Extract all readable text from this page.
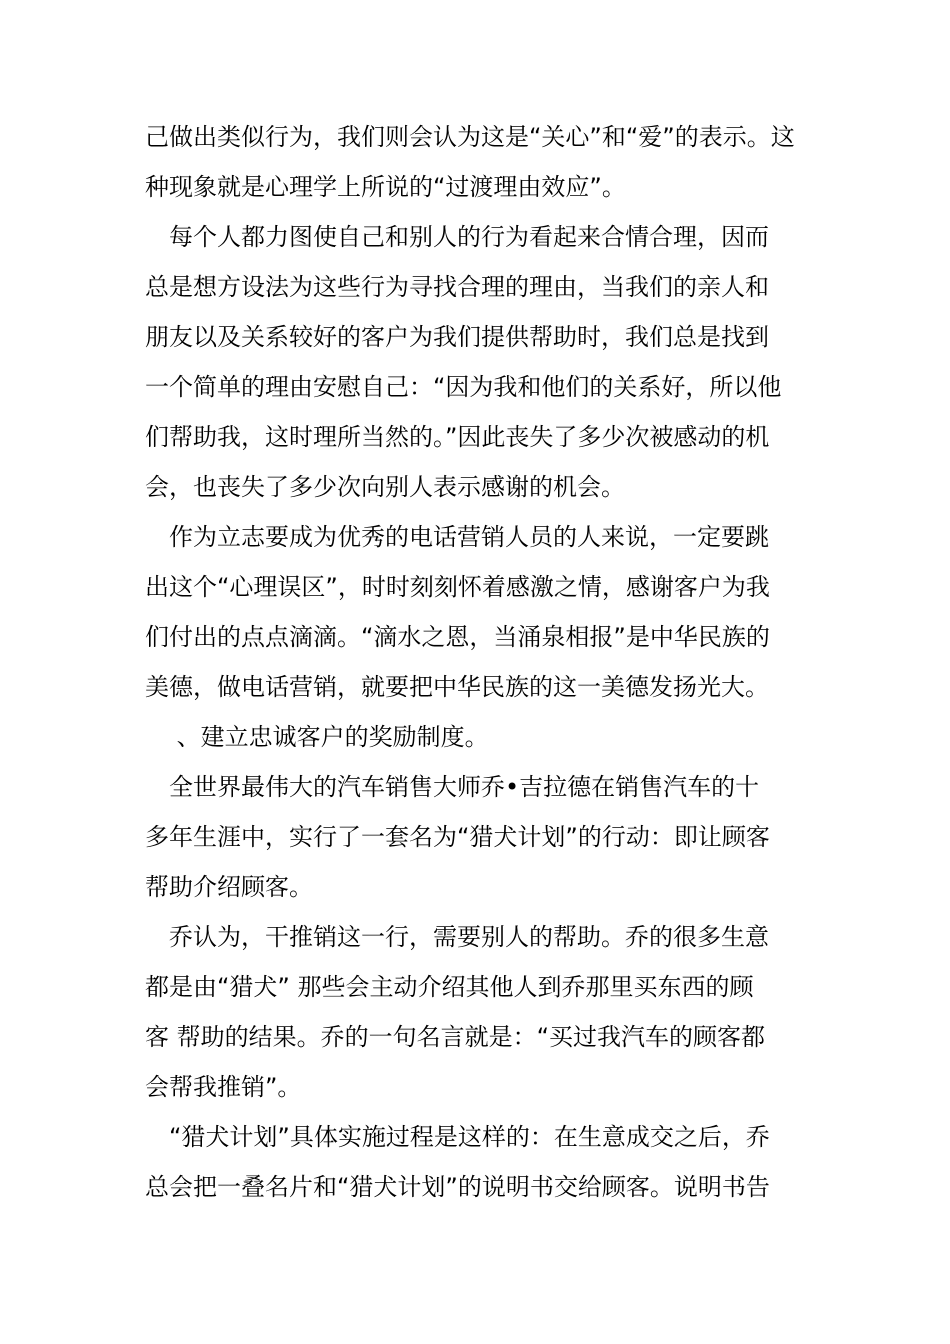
己做出类似行为，我们则会认为这是“关心”和“爱”的表示。这
种现象就是心理学上所说的“过渡理由效应”。
　每个人都力图使自己和别人的行为看起来合情合理，因而
总是想方设法为这些行为寻找合理的理由，当我们的亲人和
朋友以及关系较好的客户为我们提供帮助时，我们总是找到
一个简单的理由安慰自己：“因为我和他们的关系好，所以他
们帮助我，这时理所当然的。”因此丧失了多少次被感动的机
会，也丧失了多少次向别人表示感谢的机会。
　作为立志要成为优秀的电话营销人员的人来说，一定要跳
出这个“心理误区”，时时刻刻怀着感激之情，感谢客户为我
们付出的点点滴滴。“滴水之恩，当涌泉相报”是中华民族的
美德，做电话营销，就要把中华民族的这一美德发扬光大。
　 、建立忠诚客户的奖励制度。
　全世界最伟大的汽车销售大师乔•吉拉德在销售汽车的十
多年生涯中，实行了一套名为“猎犬计划”的行动：即让顾客
帮助介绍顾客。
　乔认为，干推销这一行，需要别人的帮助。乔的很多生意
都是由“猎犬” 那些会主动介绍其他人到乔那里买东西的顾
客 帮助的结果。乔的一句名言就是：“买过我汽车的顾客都
会帮我推销”。
　“猎犬计划”具体实施过程是这样的：在生意成交之后，乔
总会把一叠名片和“猎犬计划”的说明书交给顾客。说明书告
